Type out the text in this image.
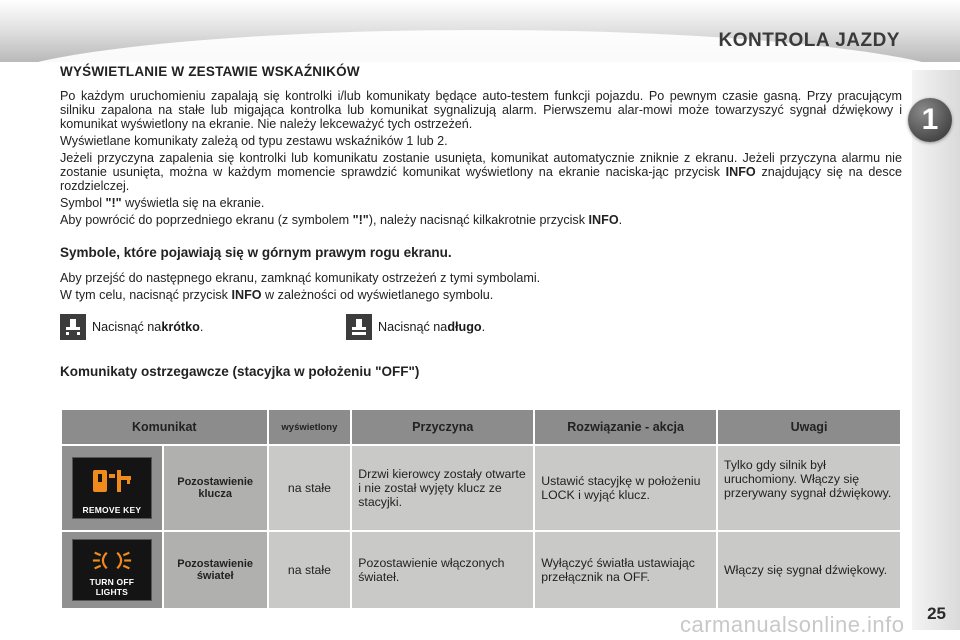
KONTROLA JAZDY
1
WYŚWIETLANIE W ZESTAWIE WSKAŹNIKÓW

Po każdym uruchomieniu zapalają się kontrolki i/lub komunikaty będące auto-testem funkcji pojazdu. Po pewnym czasie gasną. Przy pracującym silniku zapalona na stałe lub migająca kontrolka lub komunikat sygnalizują alarm. Pierwszemu alar-mowi może towarzyszyć sygnał dźwiękowy i komunikat wyświetlony na ekranie. Nie należy lekceważyć tych ostrzeżeń.

Wyświetlane komunikaty zależą od typu zestawu wskaźników 1 lub 2.

Jeżeli przyczyna zapalenia się kontrolki lub komunikatu zostanie usunięta, komunikat automatycznie zniknie z ekranu. Jeżeli przyczyna alarmu nie zostanie usunięta, można w każdym momencie sprawdzić komunikat wyświetlony na ekranie naciska-jąc przycisk INFO znajdujący się na desce rozdzielczej.

Symbol "!" wyświetla się na ekranie.

Aby powrócić do poprzedniego ekranu (z symbolem "!"), należy nacisnąć kilkakrotnie przycisk INFO.

Symbole, które pojawiają się w górnym prawym rogu ekranu.

Aby przejść do następnego ekranu, zamknąć komunikaty ostrzeżeń z tymi symbolami.

W tym celu, nacisnąć przycisk INFO w zależności od wyświetlanego symbolu.

Nacisnąć na krótko .	Nacisnąć na długo .
Komunikaty ostrzegawcze (stacyjka w położeniu "OFF")
Komunikat		wyświetlony	Przyczyna	Rozwiązanie - akcja	Uwagi

REMOVE KEY	Pozostawienie klucza	na stałe	Drzwi kierowcy zostały otwarte i nie został wyjęty klucz ze stacyjki.	Ustawić stacyjkę w położeniu LOCK i wyjąć klucz.	Tylko gdy silnik był uruchomiony. Włączy się przerywany sygnał dźwiękowy.

TURN OFF LIGHTS	Pozostawienie świateł	na stałe	Pozostawienie włączonych świateł.	Wyłączyć światła ustawiając przełącznik na OFF.	Włączy się sygnał dźwiękowy.
carmanualsonline.info 25
